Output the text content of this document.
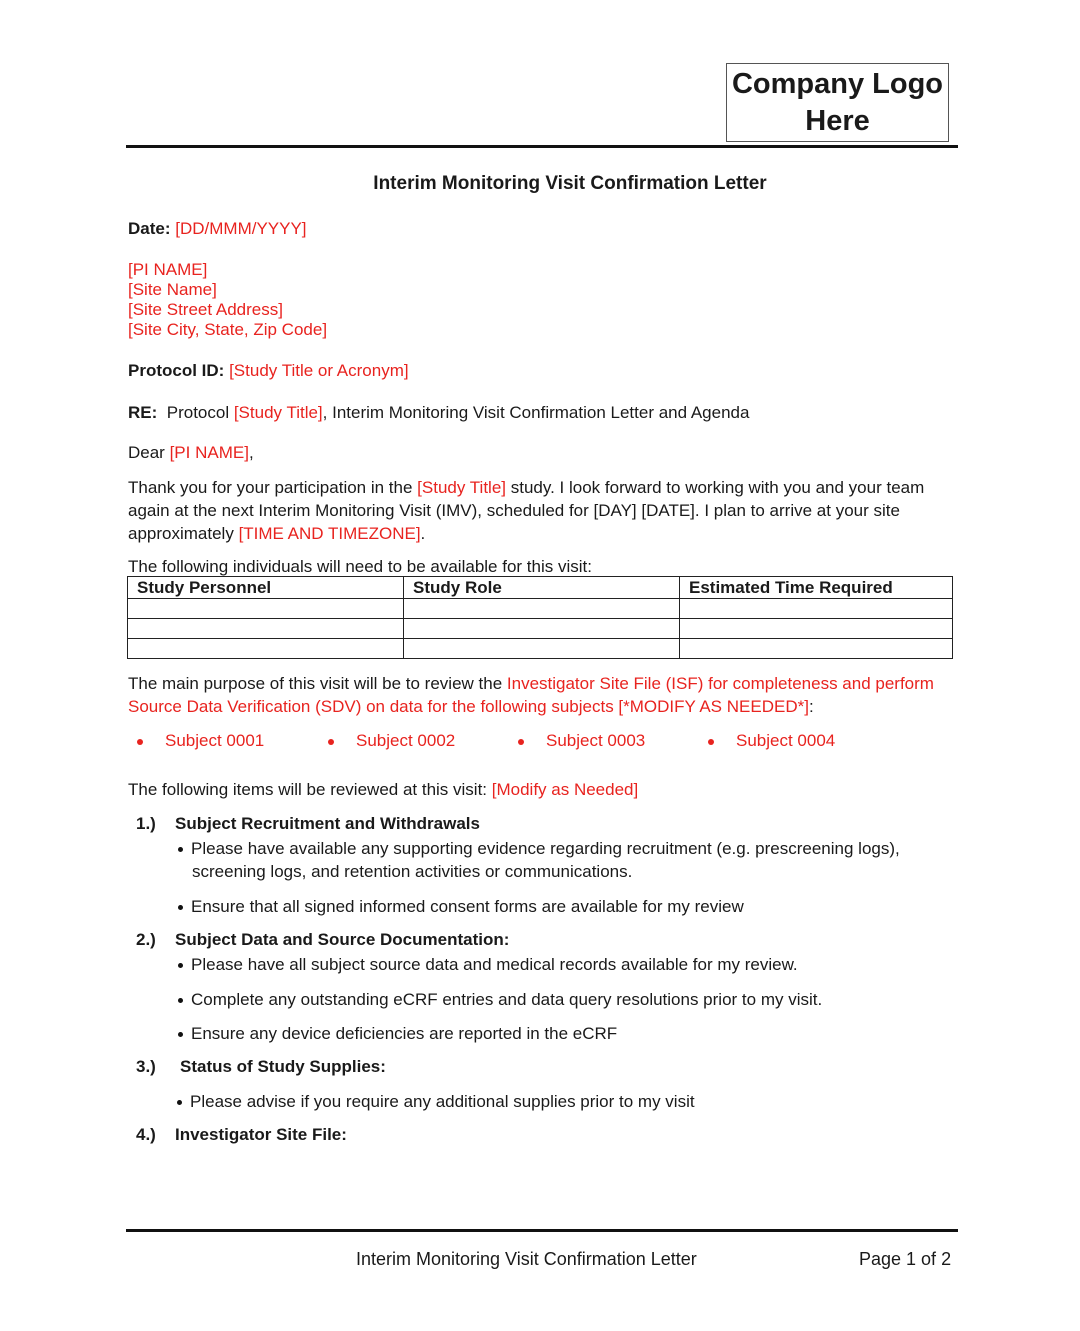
Company Logo
Here
Interim Monitoring Visit Confirmation Letter
Date: [DD/MMM/YYYY]
[PI NAME]
[Site Name]
[Site Street Address]
[Site City, State, Zip Code]
Protocol ID: [Study Title or Acronym]
RE: Protocol [Study Title], Interim Monitoring Visit Confirmation Letter and Agenda
Dear [PI NAME],
Thank you for your participation in the [Study Title] study. I look forward to working with you and your team again at the next Interim Monitoring Visit (IMV), scheduled for [DAY] [DATE]. I plan to arrive at your site approximately [TIME AND TIMEZONE].
The following individuals will need to be available for this visit:
Study Personnel	Study Role	Estimated Time Required

The main purpose of this visit will be to review the Investigator Site File (ISF) for completeness and perform Source Data Verification (SDV) on data for the following subjects [*MODIFY AS NEEDED*]:
Subject 0001	Subject 0002	Subject 0003	Subject 0004
The following items will be reviewed at this visit: [Modify as Needed]
1.) Subject Recruitment and Withdrawals
Please have available any supporting evidence regarding recruitment (e.g. prescreening logs), screening logs, and retention activities or communications.
Ensure that all signed informed consent forms are available for my review
2.) Subject Data and Source Documentation:
Please have all subject source data and medical records available for my review.
Complete any outstanding eCRF entries and data query resolutions prior to my visit.
Ensure any device deficiencies are reported in the eCRF
3.) Status of Study Supplies:
Please advise if you require any additional supplies prior to my visit
4.) Investigator Site File:
Interim Monitoring Visit Confirmation Letter	Page 1 of 2
